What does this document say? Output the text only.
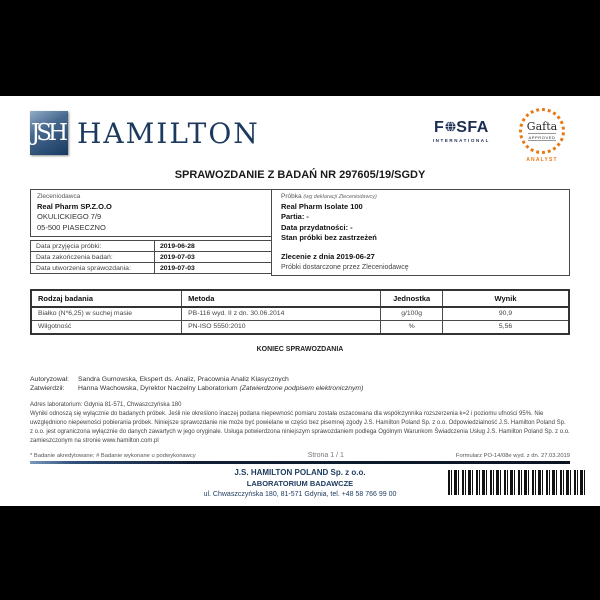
JSH HAMILTON	F SFA
INTERNATIONAL
Gafta
APPROVED
ANALYST
SPRAWOZDANIE Z BADAŃ NR 297605/19/SGDY
Zleceniodawca
Real Pharm SP.Z.O.O
OKULICKIEGO 7/9
05-500 PIASECZNO
Data przyjęcia próbki:	2019-06-28
Data zakończenia badań:	2019-07-03
Data utworzenia sprawozdania:	2019-07-03
Próbka (wg deklaracji Zleceniodawcy)
Real Pharm Isolate 100
Partia: -
Data przydatności: -
Stan próbki bez zastrzeżeń
Zlecenie z dnia 2019-06-27
Próbki dostarczone przez Zleceniodawcę
Rodzaj badania	Metoda	Jednostka	Wynik
Białko (N*6,25) w suchej masie	PB-116 wyd. II z dn. 30.06.2014	g/100g	90,9
Wilgotność	PN-ISO 5550:2010	%	5,56
KONIEC SPRAWOZDANIA
Autoryzował:	Sandra Gumowska, Ekspert ds. Analiz, Pracownia Analiz Klasycznych
Zatwierdził:	Hanna Wachowska, Dyrektor Naczelny Laboratorium (Zatwierdzone podpisem elektronicznym)
Adres laboratorium: Gdynia 81-571, Chwaszczyńska 180
Wyniki odnoszą się wyłącznie do badanych próbek. Jeśli nie określono inaczej podana niepewność pomiaru została oszacowana dla współczynnika rozszerzenia k=2 i poziomu ufności 95%. Nie uwzględniono niepewności pobierania próbek. Niniejsze sprawozdanie nie może być powielane w części bez pisemnej zgody J.S. Hamilton Poland Sp. z o.o. Odpowiedzialność J.S. Hamilton Poland Sp. z o.o. jest ograniczona wyłącznie do danych zawartych w jego oryginale. Usługa potwierdzona niniejszym sprawozdaniem podlega Ogólnym Warunkom Świadczenia Usług J.S. Hamilton Poland Sp. z o.o. zamieszczonym na stronie www.hamilton.com.pl
* Badanie akredytowane; # Badanie wykonane u podwykonawcy	Strona 1 / 1	Formularz PO-14/08e wyd. z dn. 27.03.2019
J.S. HAMILTON POLAND Sp. z o.o.
LABORATORIUM BADAWCZE
ul. Chwaszczyńska 180, 81-571 Gdynia, tel. +48 58 766 99 00
